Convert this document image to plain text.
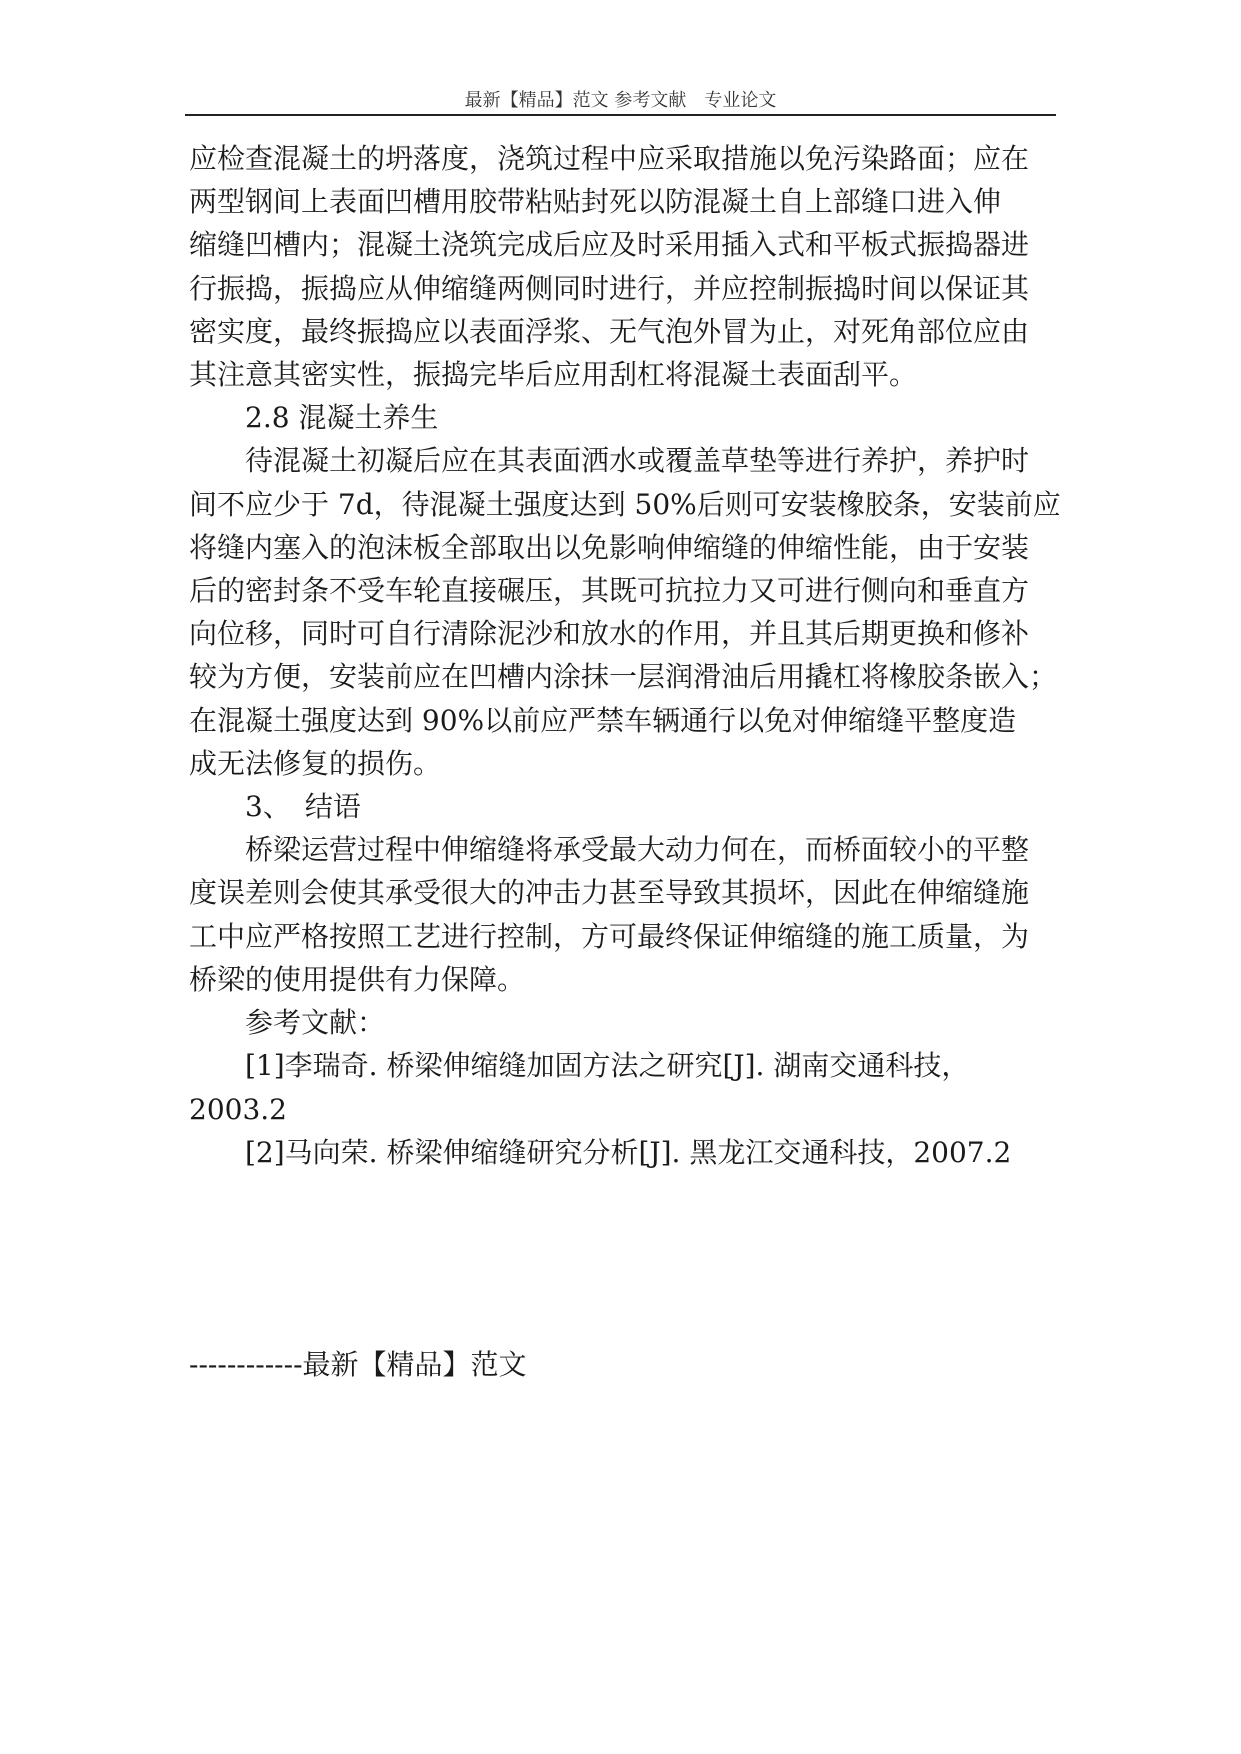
最新【精品】范文 参考文献　专业论文
应检查混凝土的坍落度，浇筑过程中应采取措施以免污染路面；应在
两型钢间上表面凹槽用胶带粘贴封死以防混凝土自上部缝口进入伸
缩缝凹槽内；混凝土浇筑完成后应及时采用插入式和平板式振捣器进
行振捣，振捣应从伸缩缝两侧同时进行，并应控制振捣时间以保证其
密实度，最终振捣应以表面浮浆、无气泡外冒为止，对死角部位应由
其注意其密实性，振捣完毕后应用刮杠将混凝土表面刮平。
2.8 混凝土养生
待混凝土初凝后应在其表面洒水或覆盖草垫等进行养护，养护时
间不应少于 7d，待混凝土强度达到 50%后则可安装橡胶条，安装前应
将缝内塞入的泡沫板全部取出以免影响伸缩缝的伸缩性能，由于安装
后的密封条不受车轮直接碾压，其既可抗拉力又可进行侧向和垂直方
向位移，同时可自行清除泥沙和放水的作用，并且其后期更换和修补
较为方便，安装前应在凹槽内涂抹一层润滑油后用撬杠将橡胶条嵌入；
在混凝土强度达到 90%以前应严禁车辆通行以免对伸缩缝平整度造
成无法修复的损伤。
3、　结语
桥梁运营过程中伸缩缝将承受最大动力何在，而桥面较小的平整
度误差则会使其承受很大的冲击力甚至导致其损坏，因此在伸缩缝施
工中应严格按照工艺进行控制，方可最终保证伸缩缝的施工质量，为
桥梁的使用提供有力保障。
参考文献：
[1]李瑞奇. 桥梁伸缩缝加固方法之研究[J]. 湖南交通科技，
2003.2
[2]马向荣. 桥梁伸缩缝研究分析[J]. 黑龙江交通科技，2007.2
------------最新【精品】范文
